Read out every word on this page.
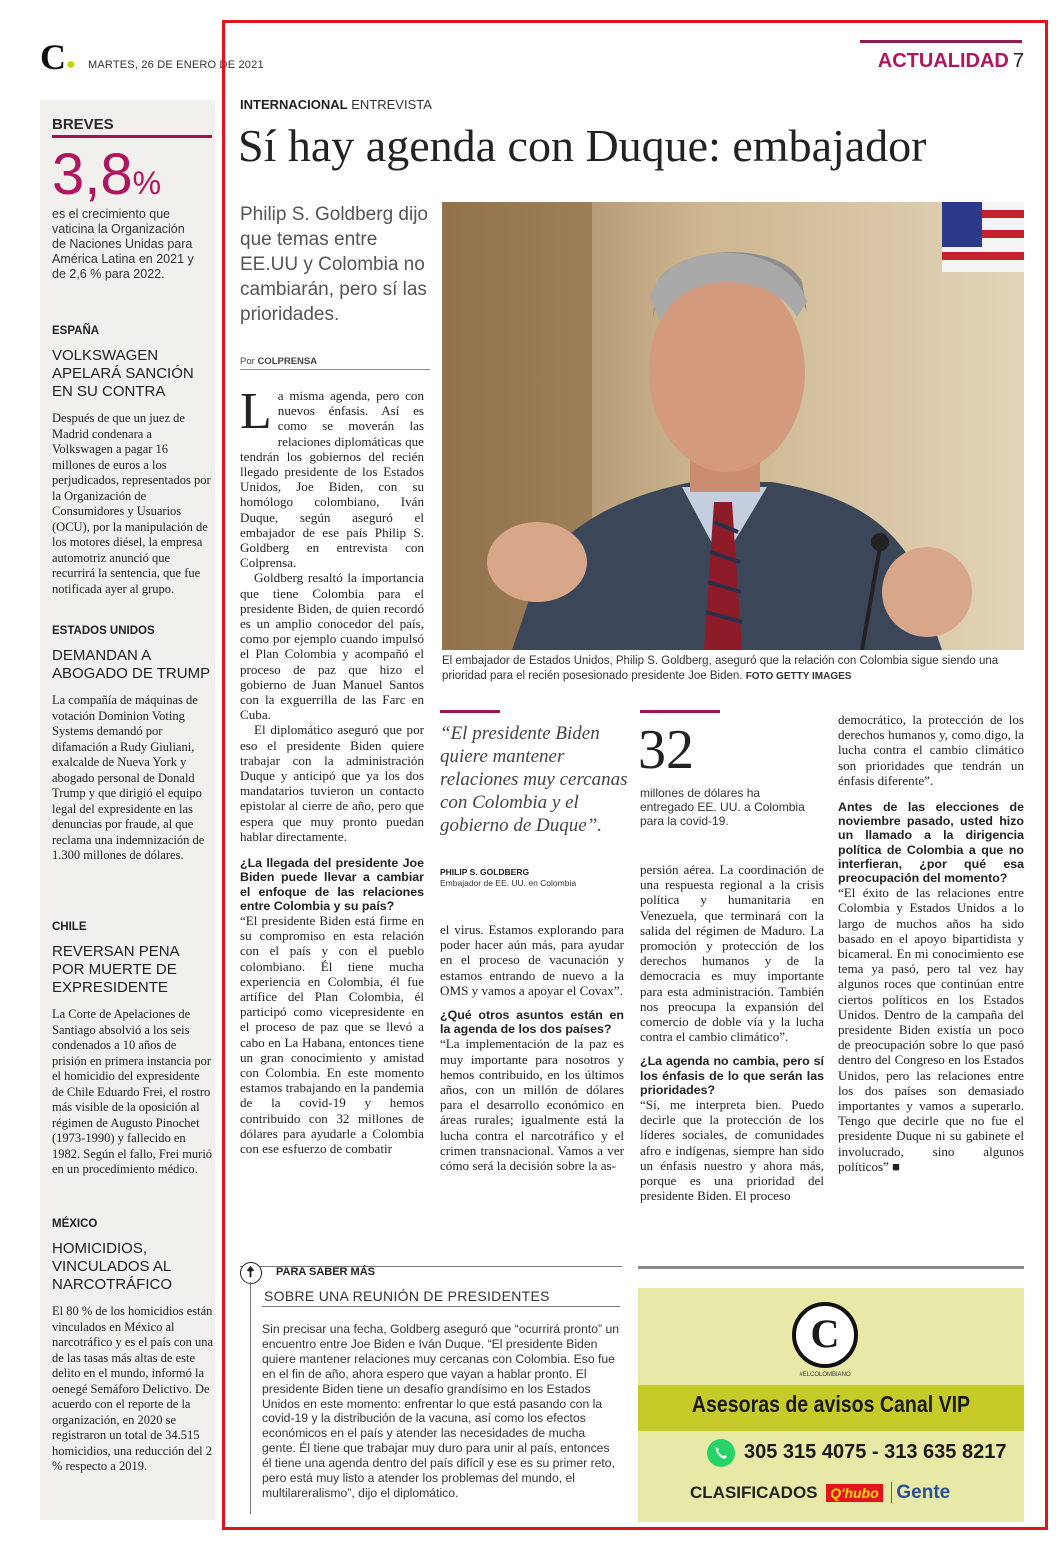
C● MARTES, 26 DE ENERO DE 2021	ACTUALIDAD 7
BREVES
3,8%
es el crecimiento que vaticina la Organización de Naciones Unidas para América Latina en 2021 y de 2,6 % para 2022.
ESPAÑA
VOLKSWAGEN APELARÁ SANCIÓN EN SU CONTRA
Después de que un juez de Madrid condenara a Volkswagen a pagar 16 millones de euros a los perjudicados, representados por la Organización de Consumidores y Usuarios (OCU), por la manipulación de los motores diésel, la empresa automotriz anunció que recurrirá la sentencia, que fue notificada ayer al grupo.
ESTADOS UNIDOS
DEMANDAN A ABOGADO DE TRUMP
La compañía de máquinas de votación Dominion Voting Systems demandó por difamación a Rudy Giuliani, exalcalde de Nueva York y abogado personal de Donald Trump y que dirigió el equipo legal del expresidente en las denuncias por fraude, al que reclama una indemnización de 1.300 millones de dólares.
CHILE
REVERSAN PENA POR MUERTE DE EXPRESIDENTE
La Corte de Apelaciones de Santiago absolvió a los seis condenados a 10 años de prisión en primera instancia por el homicidio del expresidente de Chile Eduardo Frei, el rostro más visible de la oposición al régimen de Augusto Pinochet (1973-1990) y fallecido en 1982. Según el fallo, Frei murió en un procedimiento médico.
MÉXICO
HOMICIDIOS, VINCULADOS AL NARCOTRÁFICO
El 80 % de los homicidios están vinculados en México al narcotráfico y es el país con una de las tasas más altas de este delito en el mundo, informó la oenegé Semáforo Delictivo. De acuerdo con el reporte de la organización, en 2020 se registraron un total de 34.515 homicidios, una reducción del 2 % respecto a 2019.
INTERNACIONAL ENTREVISTA
Sí hay agenda con Duque: embajador
Philip S. Goldberg dijo que temas entre EE.UU y Colombia no cambiarán, pero sí las prioridades.
Por COLPRENSA
El embajador de Estados Unidos, Philip S. Goldberg, aseguró que la relación con Colombia sigue siendo una prioridad para el recién posesionado presidente Joe Biden. FOTO GETTY IMAGES

La misma agenda, pero con nuevos énfasis. Así es como se moverán las relaciones diplomáticas que tendrán los gobiernos del recién llegado presidente de los Estados Unidos, Joe Biden, con su homólogo colombiano, Iván Duque, según aseguró el embajador de ese país Philip S. Goldberg en entrevista con Colprensa.

Goldberg resaltó la importancia que tiene Colombia para el presidente Biden, de quien recordó es un amplio conocedor del país, como por ejemplo cuando impulsó el Plan Colombia y acompañó el proceso de paz que hizo el gobierno de Juan Manuel Santos con la exguerrilla de las Farc en Cuba.

El diplomático aseguró que por eso el presidente Biden quiere trabajar con la administración Duque y anticipó que ya los dos mandatarios tuvieron un contacto epistolar al cierre de año, pero que espera que muy pronto puedan hablar directamente.

¿La llegada del presidente Joe Biden puede llevar a cambiar el enfoque de las relaciones entre Colombia y su país?

“El presidente Biden está firme en su compromiso en esta relación con el país y con el pueblo colombiano. Él tiene mucha experiencia en Colombia, él fue artífice del Plan Colombia, él participó como vicepresidente en el proceso de paz que se llevó a cabo en La Habana, entonces tiene un gran conocimiento y amistad con Colombia. En este momento estamos trabajando en la pandemia de la covid-19 y hemos contribuido con 32 millones de dólares para ayudarle a Colombia con ese esfuerzo de combatir

“El presidente Biden quiere mantener relaciones muy cercanas con Colombia y el gobierno de Duque”.
PHILIP S. GOLDBERG
Embajador de EE. UU. en Colombia

el virus. Estamos explorando para poder hacer aún más, para ayudar en el proceso de vacunación y estamos entrando de nuevo a la OMS y vamos a apoyar el Covax”.

¿Qué otros asuntos están en la agenda de los dos países?

“La implementación de la paz es muy importante para nosotros y hemos contribuido, en los últimos años, con un millón de dólares para el desarrollo económico en áreas rurales; igualmente está la lucha contra el narcotráfico y el crimen transnacional. Vamos a ver cómo será la decisión sobre la as-

32
millones de dólares ha entregado EE. UU. a Colombia para la covid-19.

persión aérea. La coordinación de una respuesta regional a la crisis política y humanitaria en Venezuela, que terminará con la salida del régimen de Maduro. La promoción y protección de los derechos humanos y de la democracia es muy importante para esta administración. También nos preocupa la expansión del comercio de doble vía y la lucha contra el cambio climático”.

¿La agenda no cambia, pero sí los énfasis de lo que serán las prioridades?

“Sí, me interpreta bien. Puedo decirle que la protección de los líderes sociales, de comunidades afro e indígenas, siempre han sido un énfasis nuestro y ahora más, porque es una prioridad del presidente Biden. El proceso

democrático, la protección de los derechos humanos y, como digo, la lucha contra el cambio climático son prioridades que tendrán un énfasis diferente”.

Antes de las elecciones de noviembre pasado, usted hizo un llamado a la dirigencia política de Colombia a que no interfieran, ¿por qué esa preocupación del momento?

“El éxito de las relaciones entre Colombia y Estados Unidos a lo largo de muchos años ha sido basado en el apoyo bipartidista y bicameral. En mi conocimiento ese tema ya pasó, pero tal vez hay algunos roces que continúan entre ciertos políticos en los Estados Unidos. Dentro de la campaña del presidente Biden existía un poco de preocupación sobre lo que pasó dentro del Congreso en los Estados Unidos, pero las relaciones entre los dos países son demasiado importantes y vamos a superarlo. Tengo que decirle que no fue el presidente Duque ni su gabinete el involucrado, sino algunos políticos” ■

PARA SABER MÁS
SOBRE UNA REUNIÓN DE PRESIDENTES
Sin precisar una fecha, Goldberg aseguró que “ocurrirá pronto” un encuentro entre Joe Biden e Iván Duque. “El presidente Biden quiere mantener relaciones muy cercanas con Colombia. Eso fue en el fin de año, ahora espero que vayan a hablar pronto. El presidente Biden tiene un desafío grandísimo en los Estados Unidos en este momento: enfrentar lo que está pasando con la covid-19 y la distribución de la vacuna, así como los efectos económicos en el país y atender las necesidades de mucha gente. Él tiene que trabajar muy duro para unir al país, entonces él tiene una agenda dentro del país difícil y ese es su primer reto, pero está muy listo a atender los problemas del mundo, el multilareralismo”, dijo el diplomático.
C
#ELCOLOMBIANO
Asesoras de avisos Canal VIP
305 315 4075 - 313 635 8217
CLASIFICADOS Q'hubo Gente
